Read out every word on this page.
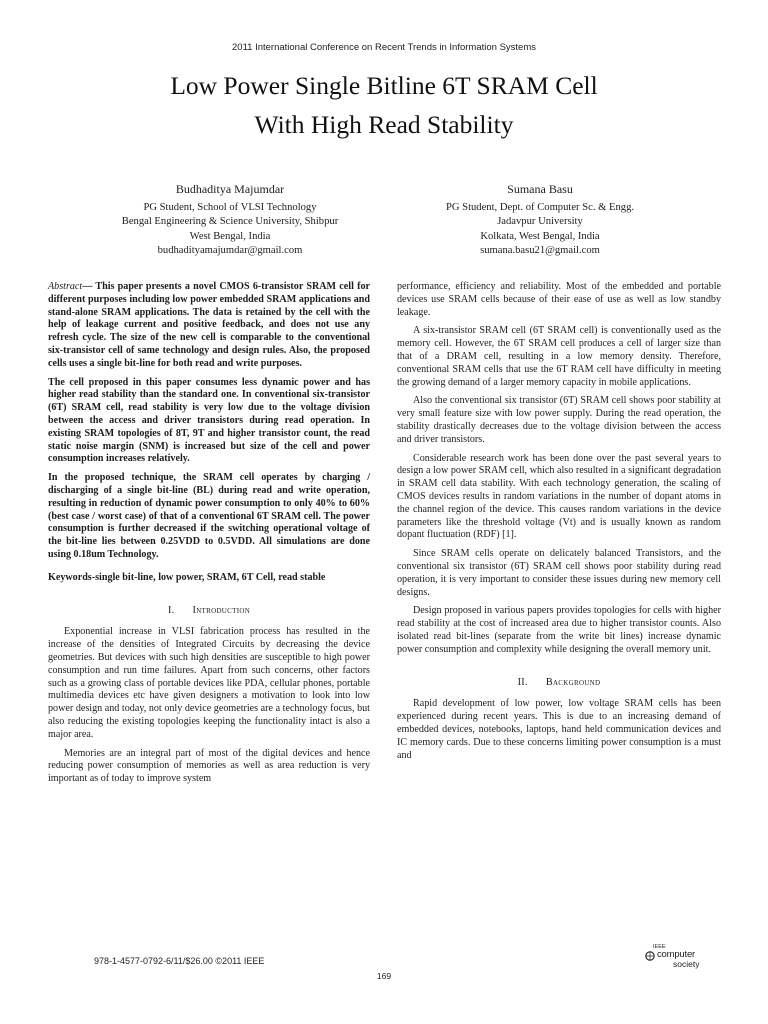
2011 International Conference on Recent Trends in Information Systems
Low Power Single Bitline 6T SRAM Cell
With High Read Stability
Budhaditya Majumdar
PG Student, School of VLSI Technology
Bengal Engineering & Science University, Shibpur
West Bengal, India
budhadityamajumdar@gmail.com
Sumana Basu
PG Student, Dept. of Computer Sc. & Engg.
Jadavpur University
Kolkata, West Bengal, India
sumana.basu21@gmail.com

Abstract— This paper presents a novel CMOS 6-transistor SRAM cell for different purposes including low power embedded SRAM applications and stand-alone SRAM applications. The data is retained by the cell with the help of leakage current and positive feedback, and does not use any refresh cycle. The size of the new cell is comparable to the conventional six-transistor cell of same technology and design rules. Also, the proposed cells uses a single bit-line for both read and write purposes.

The cell proposed in this paper consumes less dynamic power and has higher read stability than the standard one. In conventional six-transistor (6T) SRAM cell, read stability is very low due to the voltage division between the access and driver transistors during read operation. In existing SRAM topologies of 8T, 9T and higher transistor count, the read static noise margin (SNM) is increased but size of the cell and power consumption increases relatively.

In the proposed technique, the SRAM cell operates by charging / discharging of a single bit-line (BL) during read and write operation, resulting in reduction of dynamic power consumption to only 40% to 60% (best case / worst case) of that of a conventional 6T SRAM cell. The power consumption is further decreased if the switching operational voltage of the bit-line lies between 0.25VDD to 0.5VDD. All simulations are done using 0.18um Technology.

Keywords-single bit-line, low power, SRAM, 6T Cell, read stable

I. Introduction

Exponential increase in VLSI fabrication process has resulted in the increase of the densities of Integrated Circuits by decreasing the device geometries. But devices with such high densities are susceptible to high power consumption and run time failures. Apart from such concerns, other factors such as a growing class of portable devices like PDA, cellular phones, portable multimedia devices etc have given designers a motivation to look into low power design and today, not only device geometries are a technology focus, but also reducing the existing topologies keeping the functionality intact is also a major area.

Memories are an integral part of most of the digital devices and hence reducing power consumption of memories as well as area reduction is very important as of today to improve system

performance, efficiency and reliability. Most of the embedded and portable devices use SRAM cells because of their ease of use as well as low standby leakage.

A six-transistor SRAM cell (6T SRAM cell) is conventionally used as the memory cell. However, the 6T SRAM cell produces a cell of larger size than that of a DRAM cell, resulting in a low memory density. Therefore, conventional SRAM cells that use the 6T RAM cell have difficulty in meeting the growing demand of a larger memory capacity in mobile applications.

Also the conventional six transistor (6T) SRAM cell shows poor stability at very small feature size with low power supply. During the read operation, the stability drastically decreases due to the voltage division between the access and driver transistors.

Considerable research work has been done over the past several years to design a low power SRAM cell, which also resulted in a significant degradation in SRAM cell data stability. With each technology generation, the scaling of CMOS devices results in random variations in the number of dopant atoms in the channel region of the device. This causes random variations in the device parameters like the threshold voltage (Vt) and is usually known as random dopant fluctuation (RDF) [1].

Since SRAM cells operate on delicately balanced Transistors, and the conventional six transistor (6T) SRAM cell shows poor stability during read operation, it is very important to consider these issues during new memory cell designs.

Design proposed in various papers provides topologies for cells with higher read stability at the cost of increased area due to higher transistor counts. Also isolated read bit-lines (separate from the write bit lines) increase dynamic power consumption and complexity while designing the overall memory unit.

II. Background

Rapid development of low power, low voltage SRAM cells has been experienced during recent years. This is due to an increasing demand of embedded devices, notebooks, laptops, hand held communication devices and IC memory cards. Due to these concerns limiting power consumption is a must and

978-1-4577-0792-6/11/$26.00 ©2011 IEEE
169
IEEE
computer
society
